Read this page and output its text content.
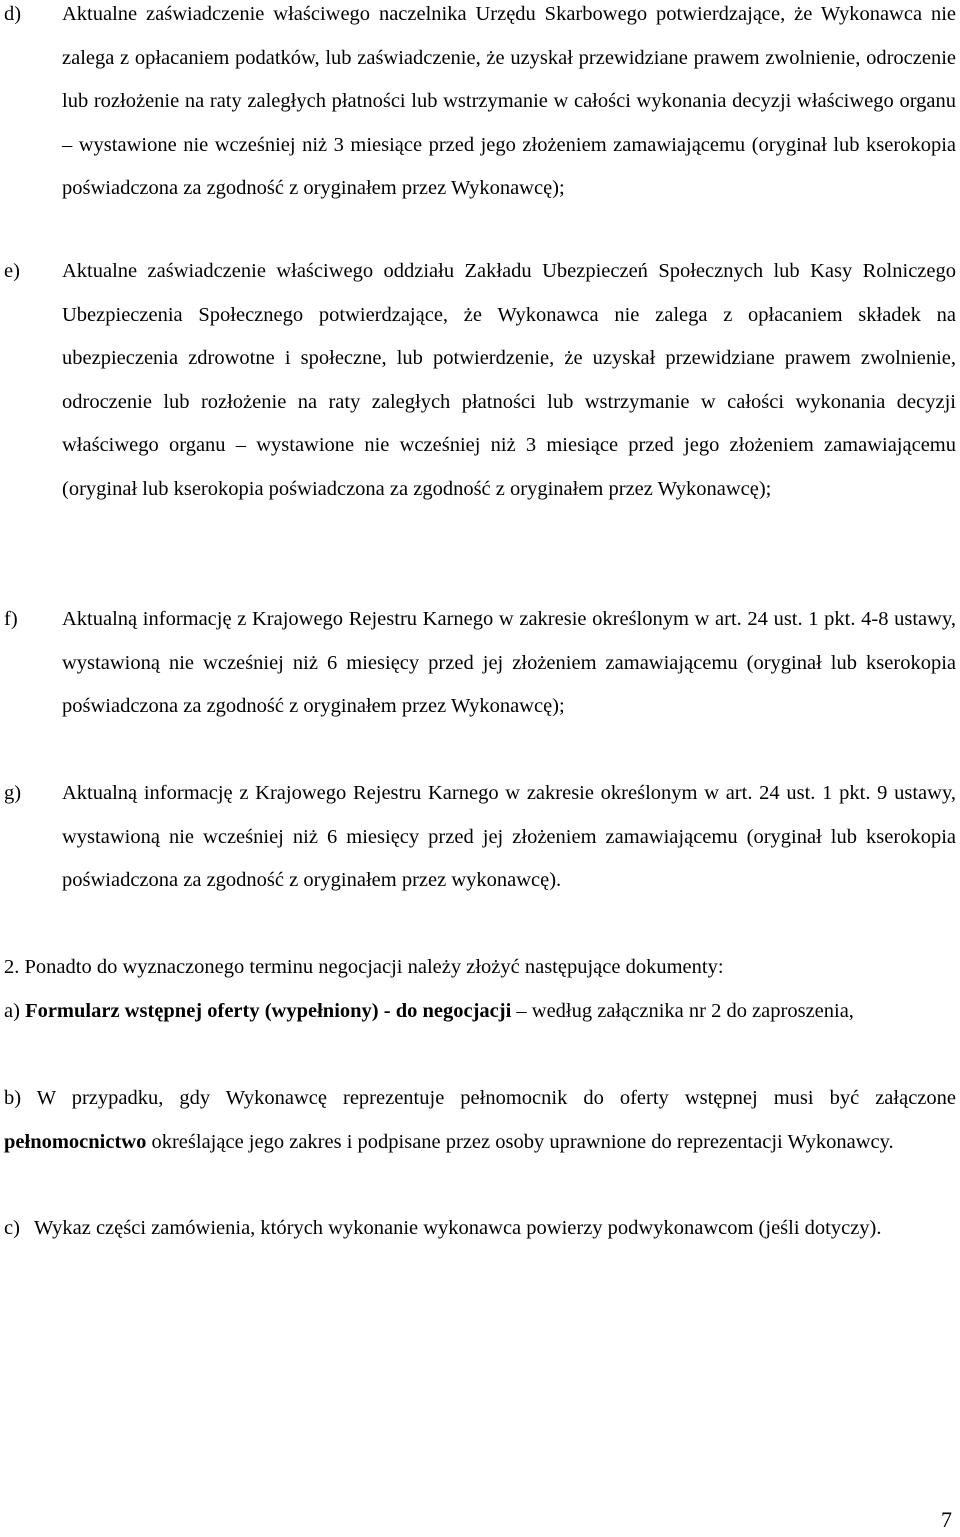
d)	Aktualne zaświadczenie właściwego naczelnika Urzędu Skarbowego potwierdzające, że Wykonawca nie zalega z opłacaniem podatków, lub zaświadczenie, że uzyskał przewidziane prawem zwolnienie, odroczenie lub rozłożenie na raty zaległych płatności lub wstrzymanie w całości wykonania decyzji właściwego organu – wystawione nie wcześniej niż 3 miesiące przed jego złożeniem zamawiającemu (oryginał lub kserokopia poświadczona za zgodność z oryginałem przez Wykonawcę);
e)	Aktualne zaświadczenie właściwego oddziału Zakładu Ubezpieczeń Społecznych lub Kasy Rolniczego Ubezpieczenia Społecznego potwierdzające, że Wykonawca nie zalega z opłacaniem składek na ubezpieczenia zdrowotne i społeczne, lub potwierdzenie, że uzyskał przewidziane prawem zwolnienie, odroczenie lub rozłożenie na raty zaległych płatności lub wstrzymanie w całości wykonania decyzji właściwego organu – wystawione nie wcześniej niż 3 miesiące przed jego złożeniem zamawiającemu (oryginał lub kserokopia poświadczona za zgodność z oryginałem przez Wykonawcę);
f)	Aktualną informację z Krajowego Rejestru Karnego w zakresie określonym w art. 24 ust. 1 pkt. 4-8 ustawy, wystawioną nie wcześniej niż 6 miesięcy przed jej złożeniem zamawiającemu (oryginał lub kserokopia poświadczona za zgodność z oryginałem przez Wykonawcę);
g)	Aktualną informację z Krajowego Rejestru Karnego w zakresie określonym w art. 24 ust. 1 pkt. 9 ustawy, wystawioną nie wcześniej niż 6 miesięcy przed jej złożeniem zamawiającemu (oryginał lub kserokopia poświadczona za zgodność z oryginałem przez wykonawcę).
2. Ponadto do wyznaczonego terminu negocjacji należy złożyć następujące dokumenty:
a) Formularz wstępnej oferty (wypełniony) - do negocjacji – według załącznika nr 2 do zaproszenia,
b) W przypadku, gdy Wykonawcę reprezentuje pełnomocnik do oferty wstępnej musi być załączone pełnomocnictwo określające jego zakres i podpisane przez osoby uprawnione do reprezentacji Wykonawcy.
c) Wykaz części zamówienia, których wykonanie wykonawca powierzy podwykonawcom (jeśli dotyczy).
7
